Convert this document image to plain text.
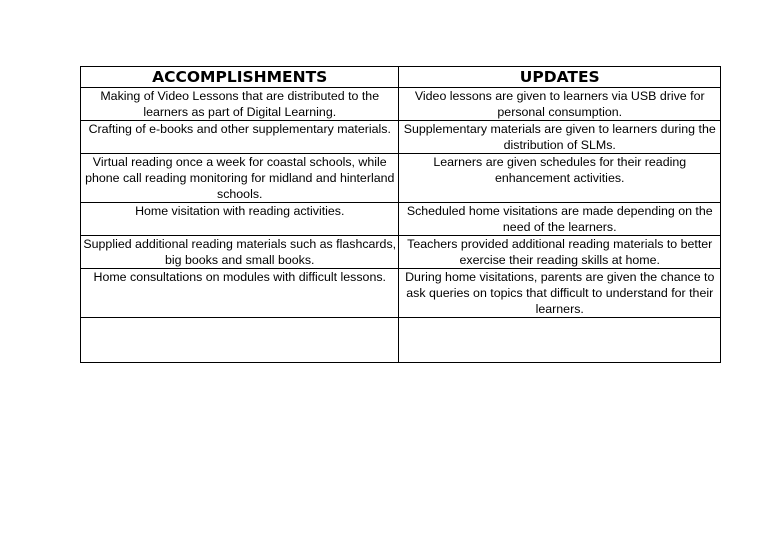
ACCOMPLISHMENTS	UPDATES
Making of Video Lessons that are distributed to the learners as part of Digital Learning.	Video lessons are given to learners via USB drive for personal consumption.
Crafting of e-books and other supplementary materials.	Supplementary materials are given to learners during the distribution of SLMs.
Virtual reading once a week for coastal schools, while phone call reading monitoring for midland and hinterland schools.	Learners are given schedules for their reading enhancement activities.
Home visitation with reading activities.	Scheduled home visitations are made depending on the need of the learners.
Supplied additional reading materials such as flashcards, big books and small books.	Teachers provided additional reading materials to better exercise their reading skills at home.
Home consultations on modules with difficult lessons.	During home visitations, parents are given the chance to ask queries on topics that difficult to understand for their learners.
